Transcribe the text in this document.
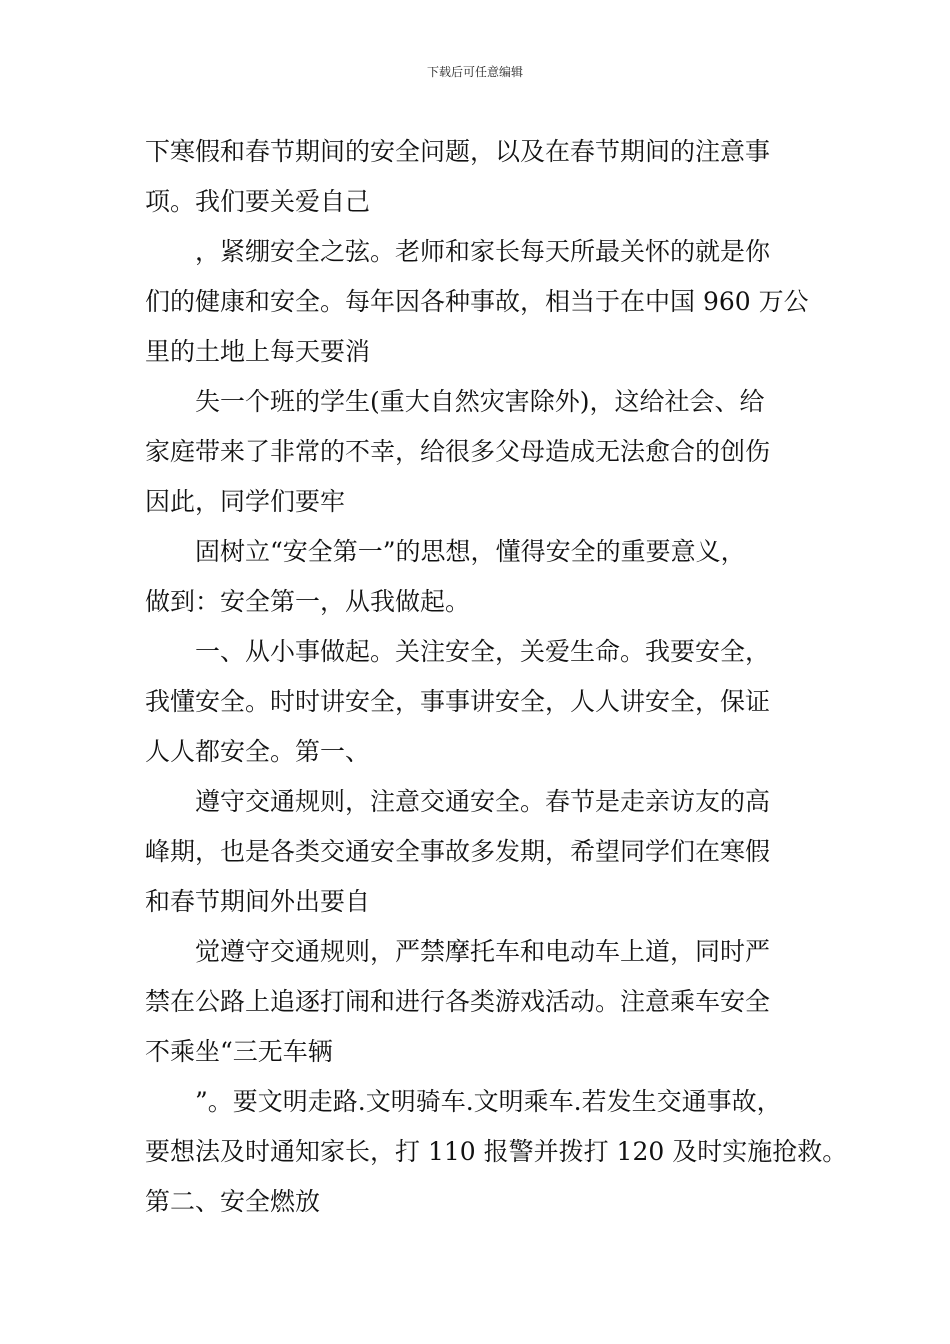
下载后可任意编辑

下寒假和春节期间的安全问题，以及在春节期间的注意事
项。我们要关爱自己

，紧绷安全之弦。老师和家长每天所最关怀的就是你
们的健康和安全。每年因各种事故，相当于在中国 960 万公
里的土地上每天要消

失一个班的学生(重大自然灾害除外)，这给社会、给
家庭带来了非常的不幸，给很多父母造成无法愈合的创伤
因此，同学们要牢

固树立“安全第一”的思想，懂得安全的重要意义，
做到：安全第一，从我做起。

一、从小事做起。关注安全，关爱生命。我要安全，
我懂安全。时时讲安全，事事讲安全，人人讲安全，保证
人人都安全。第一、

遵守交通规则，注意交通安全。春节是走亲访友的高
峰期，也是各类交通安全事故多发期，希望同学们在寒假
和春节期间外出要自

觉遵守交通规则，严禁摩托车和电动车上道，同时严
禁在公路上追逐打闹和进行各类游戏活动。注意乘车安全
不乘坐“三无车辆

”。要文明走路.文明骑车.文明乘车.若发生交通事故，
要想法及时通知家长，打 110 报警并拨打 120 及时实施抢救。
第二、安全燃放
